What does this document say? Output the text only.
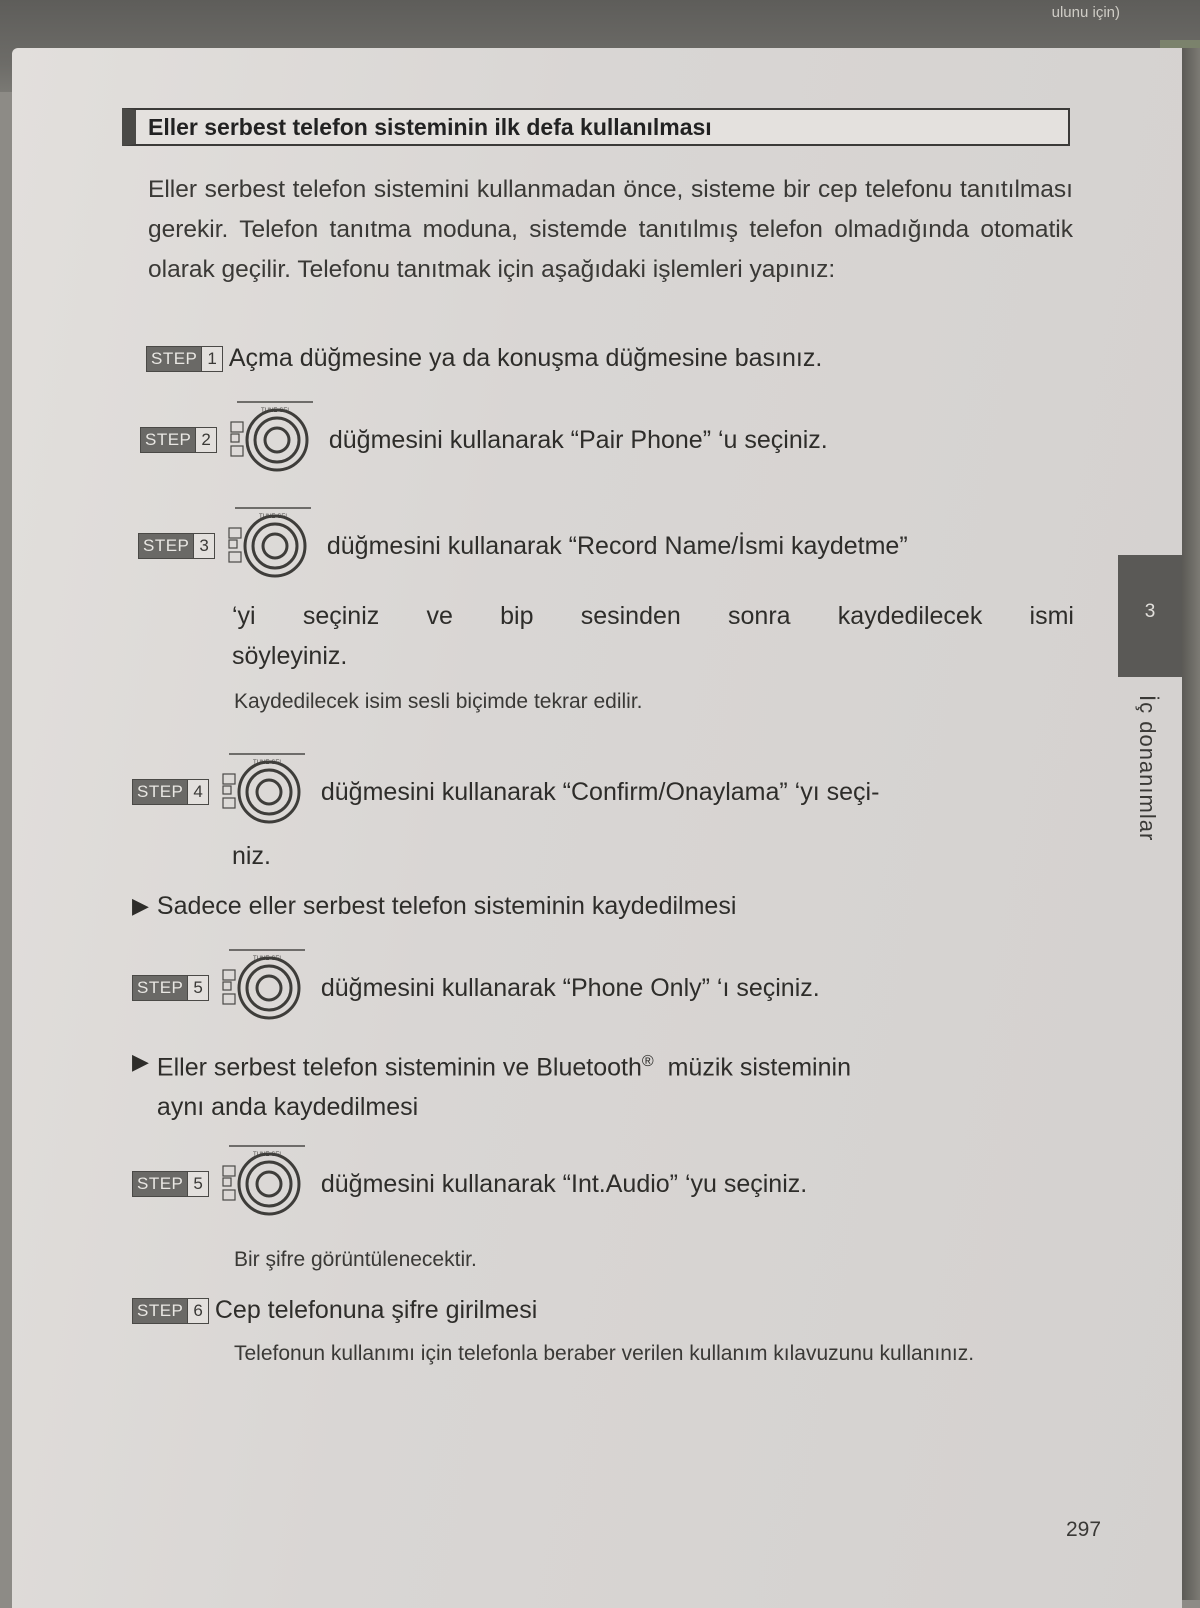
ulunu için)
Eller serbest telefon sisteminin ilk defa kullanılması
Eller serbest telefon sistemini kullanmadan önce, sisteme bir cep telefonu tanıtılması gerekir. Telefon tanıtma moduna, sistemde tanıtılmış telefon olmadığında otomatik olarak geçilir. Telefonu tanıtmak için aşağıdaki işlemleri yapınız:
STEP 1 Açma düğmesine ya da konuşma düğmesine basınız.
STEP 2
TUNE·SEL
düğmesini kullanarak “Pair Phone” ‘u seçiniz.
STEP 3
TUNE·SEL
düğmesini kullanarak “Record Name/İsmi kaydetme”
‘yi seçiniz ve bip sesinden sonra kaydedilecek ismi
söyleyiniz.
Kaydedilecek isim sesli biçimde tekrar edilir.
STEP 4
TUNE·SEL
düğmesini kullanarak “Confirm/Onaylama” ‘yı seçi-
niz.
▶ Sadece eller serbest telefon sisteminin kaydedilmesi
STEP 5
TUNE·SEL
düğmesini kullanarak “Phone Only” ‘ı seçiniz.
▶ Eller serbest telefon sisteminin ve Bluetooth®  müzik sisteminin
aynı anda kaydedilmesi
STEP 5
TUNE·SEL
düğmesini kullanarak “Int.Audio” ‘yu seçiniz.
Bir şifre görüntülenecektir.
STEP 6 Cep telefonuna şifre girilmesi
Telefonun kullanımı için telefonla beraber verilen kullanım kılavuzunu kullanınız.
3
İç donanımlar
297
